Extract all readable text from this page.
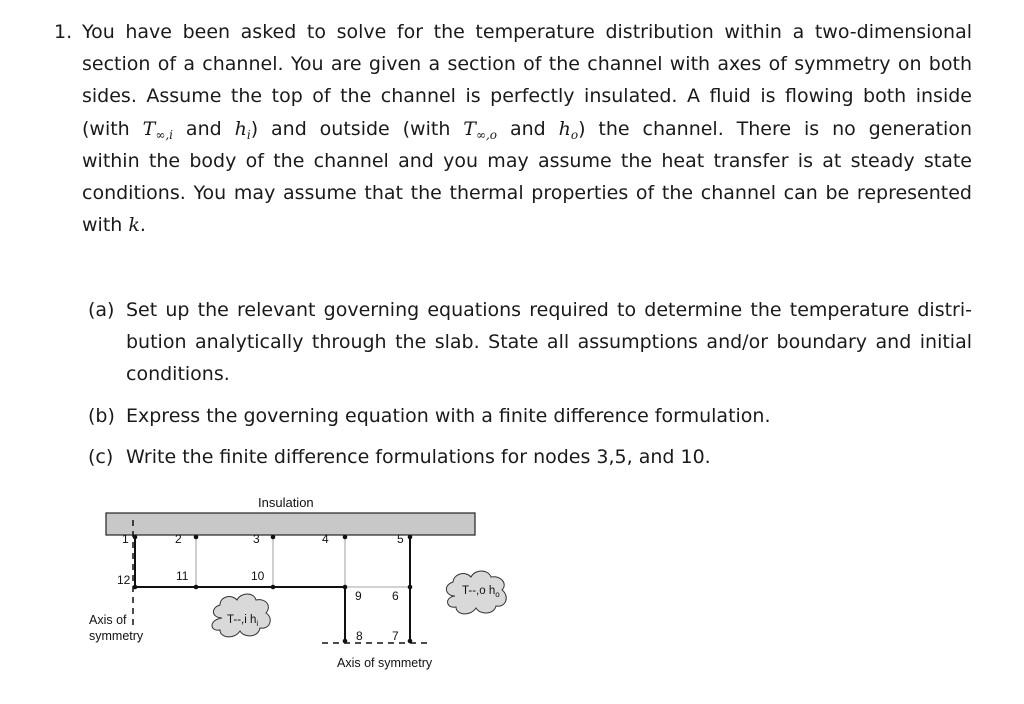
1. You have been asked to solve for the temperature distribution within a two-dimensional
section of a channel. You are given a section of the channel with axes of symmetry on both
sides. Assume the top of the channel is perfectly insulated. A fluid is flowing both inside
(with $T_{\infty,i}$ and $h_i$) and outside (with $T_{\infty,o}$ and $h_o$) the channel. There is no generation
within the body of the channel and you may assume the heat transfer is at steady state
conditions. You may assume that the thermal properties of the channel can be represented
with k.
(a) Set up the relevant governing equations required to determine the temperature distri-
bution analytically through the slab. State all assumptions and/or boundary and initial
conditions.
(b) Express the governing equation with a finite difference formulation.
(c) Write the finite difference formulations for nodes 3,5, and 10.
Insulation
Axis of
symmetry
Axis of symmetry
1	2	3	4	5
12	11	10
9	6
8 7
T--,i $h_i$
T--,o $h_o$
